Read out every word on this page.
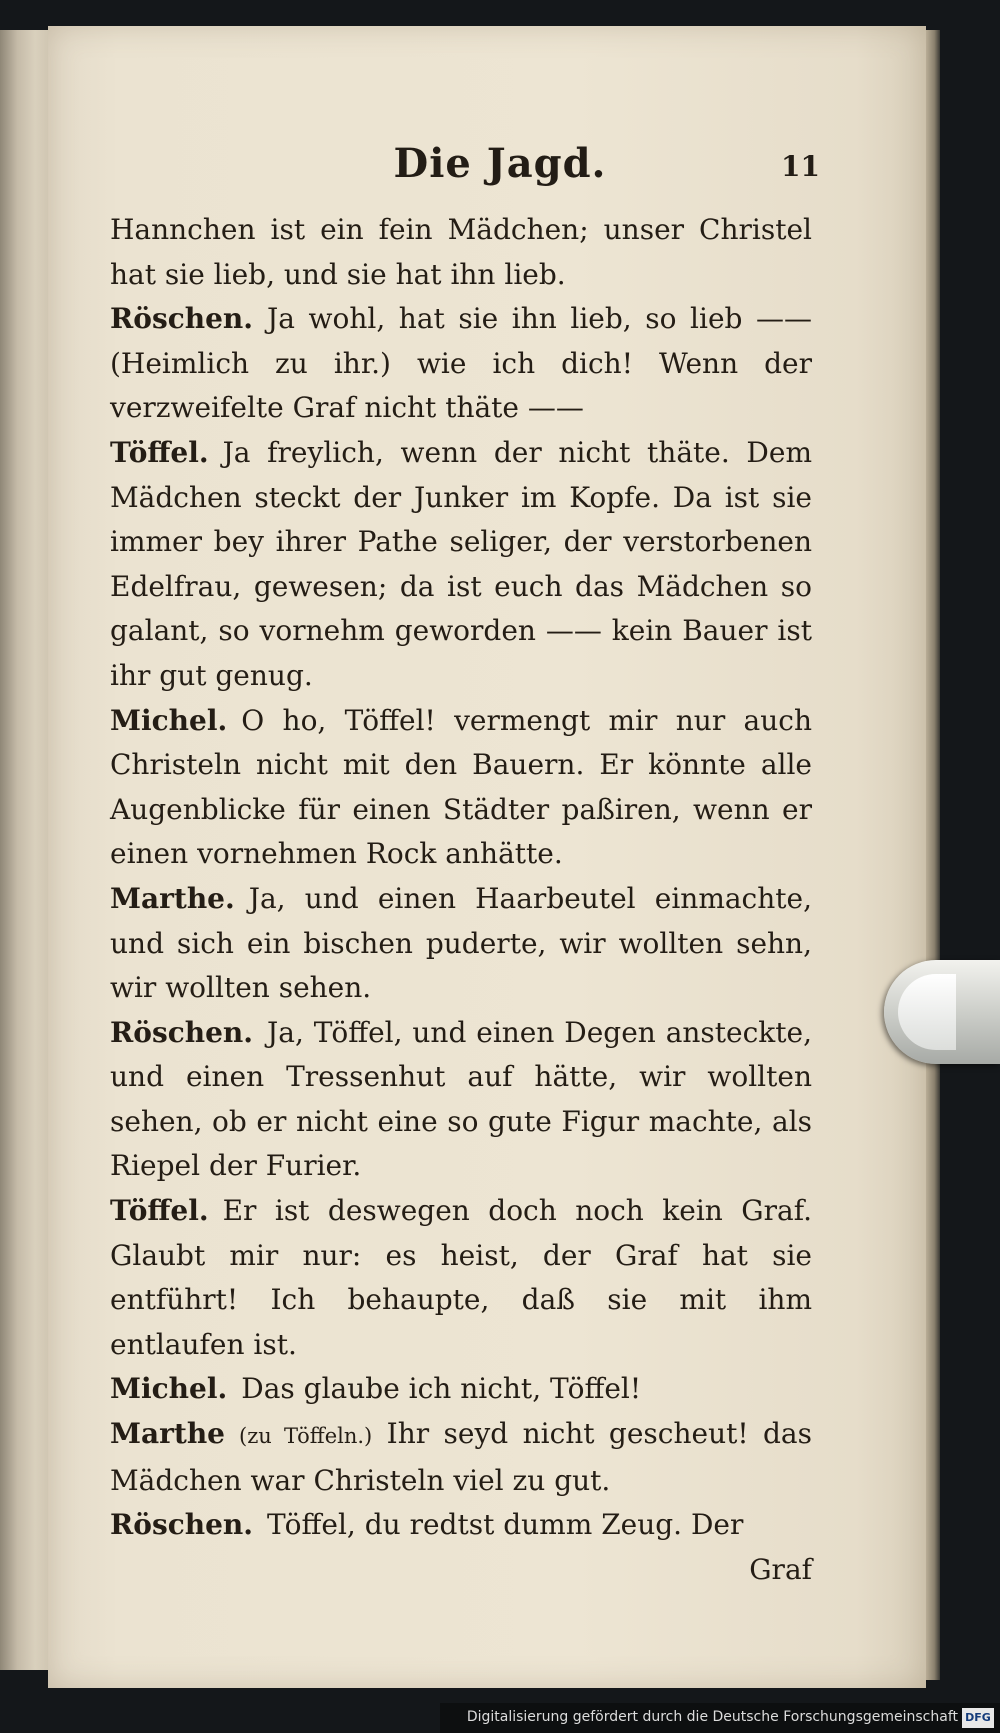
Die Jagd.	11

Hannchen ist ein fein Mädchen; unser Christel hat sie lieb, und sie hat ihn lieb.

Röschen. Ja wohl, hat sie ihn lieb, so lieb —— (Heimlich zu ihr.) wie ich dich! Wenn der verzweifelte Graf nicht thäte ——

Töffel. Ja freylich, wenn der nicht thäte. Dem Mädchen steckt der Junker im Kopfe. Da ist sie immer bey ihrer Pathe seliger, der verstorbenen Edelfrau, gewesen; da ist euch das Mädchen so galant, so vornehm geworden —— kein Bauer ist ihr gut genug.

Michel. O ho, Töffel! vermengt mir nur auch Christeln nicht mit den Bauern. Er könnte alle Augenblicke für einen Städter paßiren, wenn er einen vornehmen Rock anhätte.

Marthe. Ja, und einen Haarbeutel einmachte, und sich ein bischen puderte, wir wollten sehn, wir wollten sehen.

Röschen. Ja, Töffel, und einen Degen ansteckte, und einen Tressenhut auf hätte, wir wollten sehen, ob er nicht eine so gute Figur machte, als Riepel der Furier.

Töffel. Er ist deswegen doch noch kein Graf. Glaubt mir nur: es heist, der Graf hat sie entführt! Ich behaupte, daß sie mit ihm entlaufen ist.

Michel. Das glaube ich nicht, Töffel!

Marthe (zu Töffeln.) Ihr seyd nicht gescheut! das Mädchen war Christeln viel zu gut.

Röschen. Töffel, du redtst dumm Zeug. Der

Graf

Digitalisierung gefördert durch die Deutsche Forschungsgemeinschaft DFG
